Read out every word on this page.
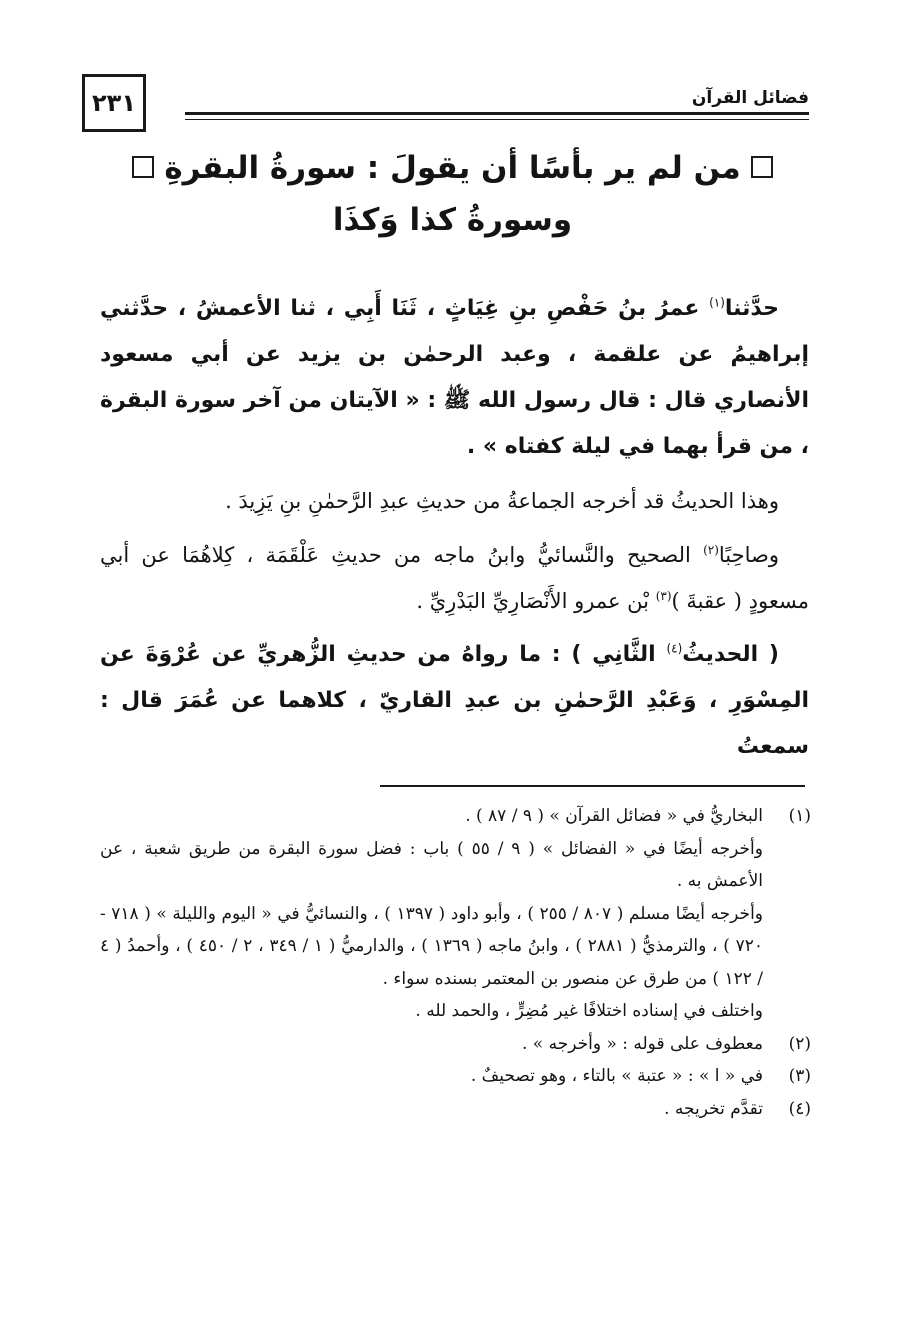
٢٣١	فضائل القرآن
من لم ير بأسًا أن يقولَ : سورةُ البقرةِ
وسورةُ كذا وَكذَا

حدَّثنا$^{(١)}$ عمرُ بنُ حَفْصِ بنِ غِيَاثٍ ، ثَنَا أَبِي ، ثنا الأعمشُ ، حدَّثني إبراهيمُ عن علقمة ، وعبد الرحمٰن بن يزيد عن أبي مسعود الأنصاري قال : قال رسول الله ﷺ : « الآيتان من آخر سورة البقرة ، من قرأ بهما في ليلة كفتاه » .

وهذا الحديثُ قد أخرجه الجماعةُ من حديثِ عبدِ الرَّحمٰنِ بنِ يَزِيدَ .

وصاحِبًا$^{(٢)}$ الصحيح والنَّسائيُّ وابنُ ماجه من حديثِ عَلْقَمَة ، كِلاهُمَا عن أبي مسعودٍ ( عقبةَ )$^{(٣)}$ بْن عمرو الأَنْصَارِيِّ البَدْرِيِّ .

( الحديثُ$^{(٤)}$ الثَّانِي ) : ما رواهُ من حديثِ الزُّهريِّ عن عُرْوَةَ عن المِسْوَرِ ، وَعَبْدِ الرَّحمٰنِ بن عبدِ القاريّ ، كلاهما عن عُمَرَ قال : سمعتُ

(١)
البخاريُّ في « فضائل القرآن » ( ٩ / ٨٧ ) .
وأخرجه أيضًا في « الفضائل » ( ٩ / ٥٥ ) باب : فضل سورة البقرة من طريق شعبة ، عن الأعمش به .
وأخرجه أيضًا مسلم ( ٨٠٧ / ٢٥٥ ) ، وأبو داود ( ١٣٩٧ ) ، والنسائيُّ في « اليوم والليلة » ( ٧١٨ - ٧٢٠ ) ، والترمذيُّ ( ٢٨٨١ ) ، وابنُ ماجه ( ١٣٦٩ ) ، والدارميُّ ( ١ / ٣٤٩ ، ٢ / ٤٥٠ ) ، وأحمدُ ( ٤ / ١٢٢ ) من طرق عن منصور بن المعتمر بسنده سواء .
واختلف في إسناده اختلافًا غير مُضِرٍّ ، والحمد لله .
(٢)
معطوف على قوله : « وأخرجه » .
(٣)
في « ا » : « عتبة » بالتاء ، وهو تصحيفٌ .
(٤)
تقدَّم تخريجه .
